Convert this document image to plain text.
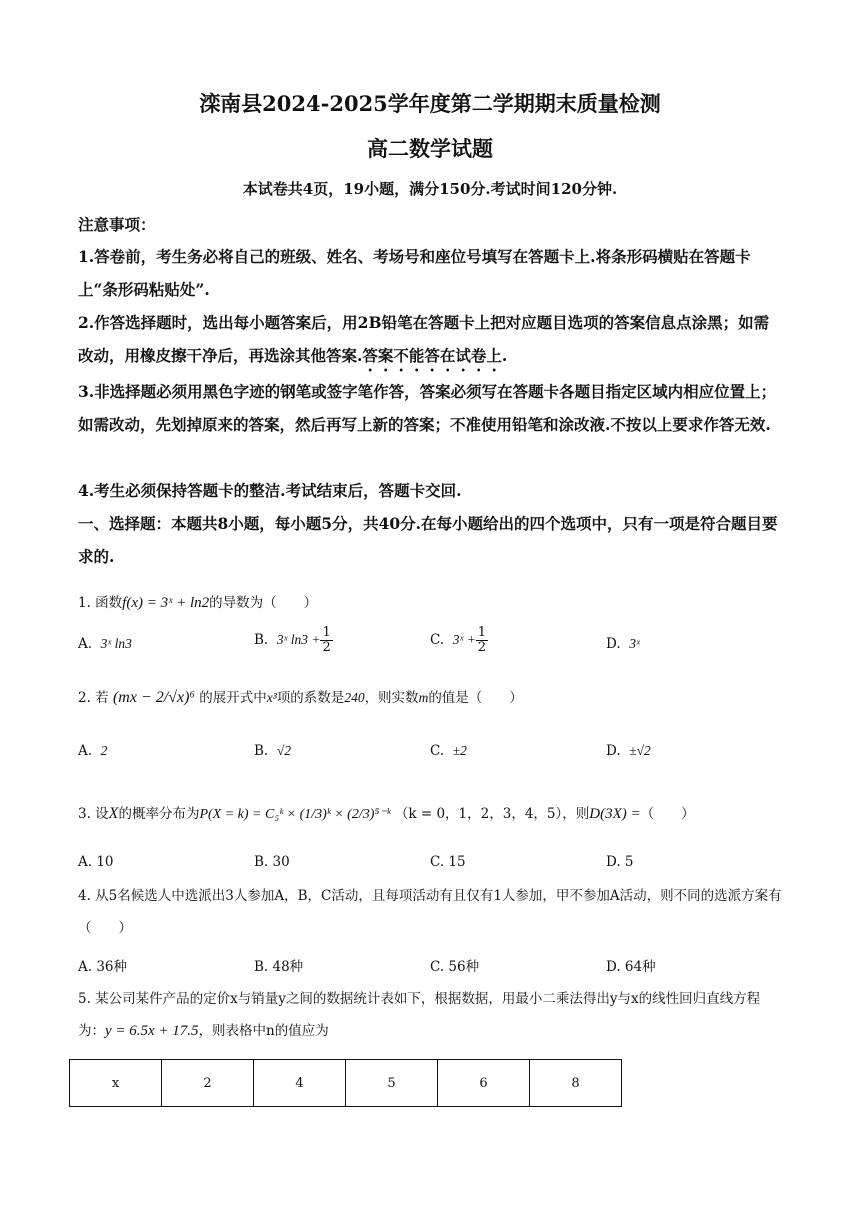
滦南县2024-2025学年度第二学期期末质量检测
高二数学试题
本试卷共4页，19小题，满分150分.考试时间120分钟.
注意事项：
1.答卷前，考生务必将自己的班级、姓名、考场号和座位号填写在答题卡上.将条形码横贴在答题卡上“条形码粘贴处”.
2.作答选择题时，选出每小题答案后，用2B铅笔在答题卡上把对应题目选项的答案信息点涂黑；如需改动，用橡皮擦干净后，再选涂其他答案.答案不能答在试卷上.
3.非选择题必须用黑色字迹的钢笔或签字笔作答，答案必须写在答题卡各题目指定区域内相应位置上；如需改动，先划掉原来的答案，然后再写上新的答案；不准使用铅笔和涂改液.不按以上要求作答无效.
4.考生必须保持答题卡的整洁.考试结束后，答题卡交回.
一、选择题：本题共8小题，每小题5分，共40分.在每小题给出的四个选项中，只有一项是符合题目要求的.
1. 函数f(x) = 3ˣ + ln2的导数为（　　）
A. 3ˣ ln3	B. 3ˣ $\ln 3 + \frac{1}{2}$	C. 3ˣ + $\frac{1}{2}$	D. 3ˣ
2. 若 (mx − 2/√x)⁶ 的展开式中x³项的系数是240，则实数m的值是（　　）
A. 2	B. √2	C. ±2	D. ±√2
3. 设X的概率分布为P(X = k) = C₅ᵏ × (1/3)ᵏ × (2/3)⁵⁻ᵏ （k = 0，1，2，3，4，5），则D(3X) =（　　）
A. 10	B. 30	C. 15	D. 5
4. 从5名候选人中选派出3人参加A，B，C活动，且每项活动有且仅有1人参加，甲不参加A活动，则不同的选派方案有（　　）
A. 36种	B. 48种	C. 56种	D. 64种
5. 某公司某件产品的定价x与销量y之间的数据统计表如下，根据数据，用最小二乘法得出y与x的线性回归直线方程为：y = 6.5x + 17.5，则表格中n的值应为
x	2	4	5	6	8
